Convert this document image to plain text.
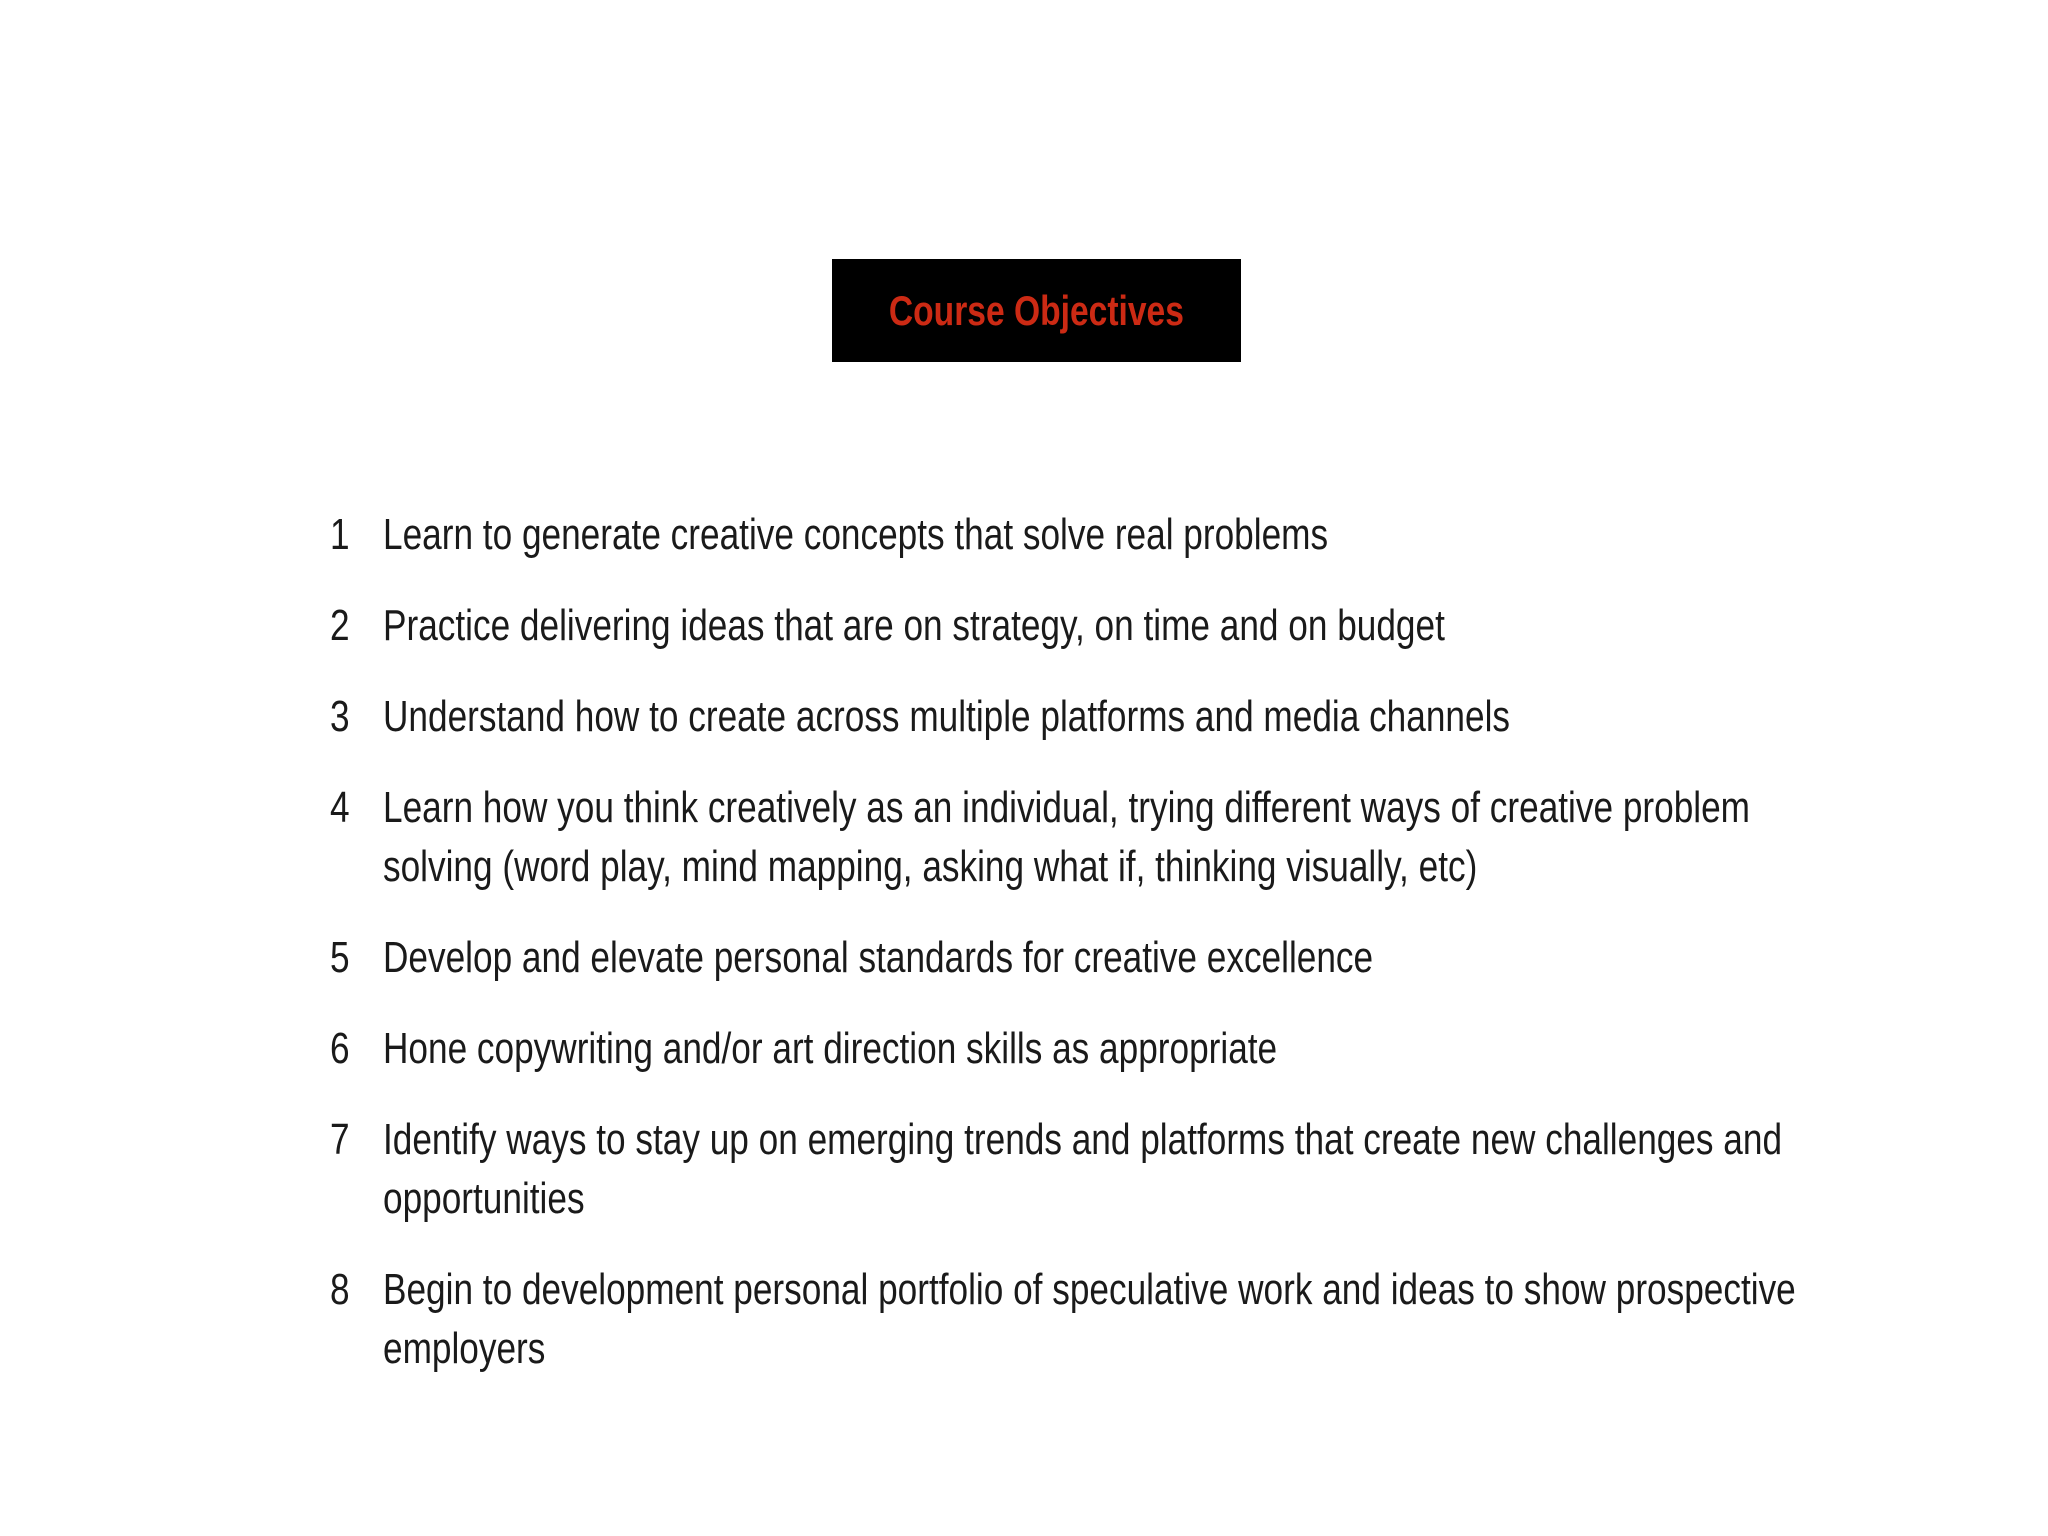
Course Objectives
1 Learn to generate creative concepts that solve real problems
2 Practice delivering ideas that are on strategy, on time and on budget
3 Understand how to create across multiple platforms and media channels
4 Learn how you think creatively as an individual, trying different ways of creative problem solving (word play, mind mapping, asking what if, thinking visually, etc)
5 Develop and elevate personal standards for creative excellence
6 Hone copywriting and/or art direction skills as appropriate
7 Identify ways to stay up on emerging trends and platforms that create new challenges and opportunities
8 Begin to development personal portfolio of speculative work and ideas to show prospective employers
